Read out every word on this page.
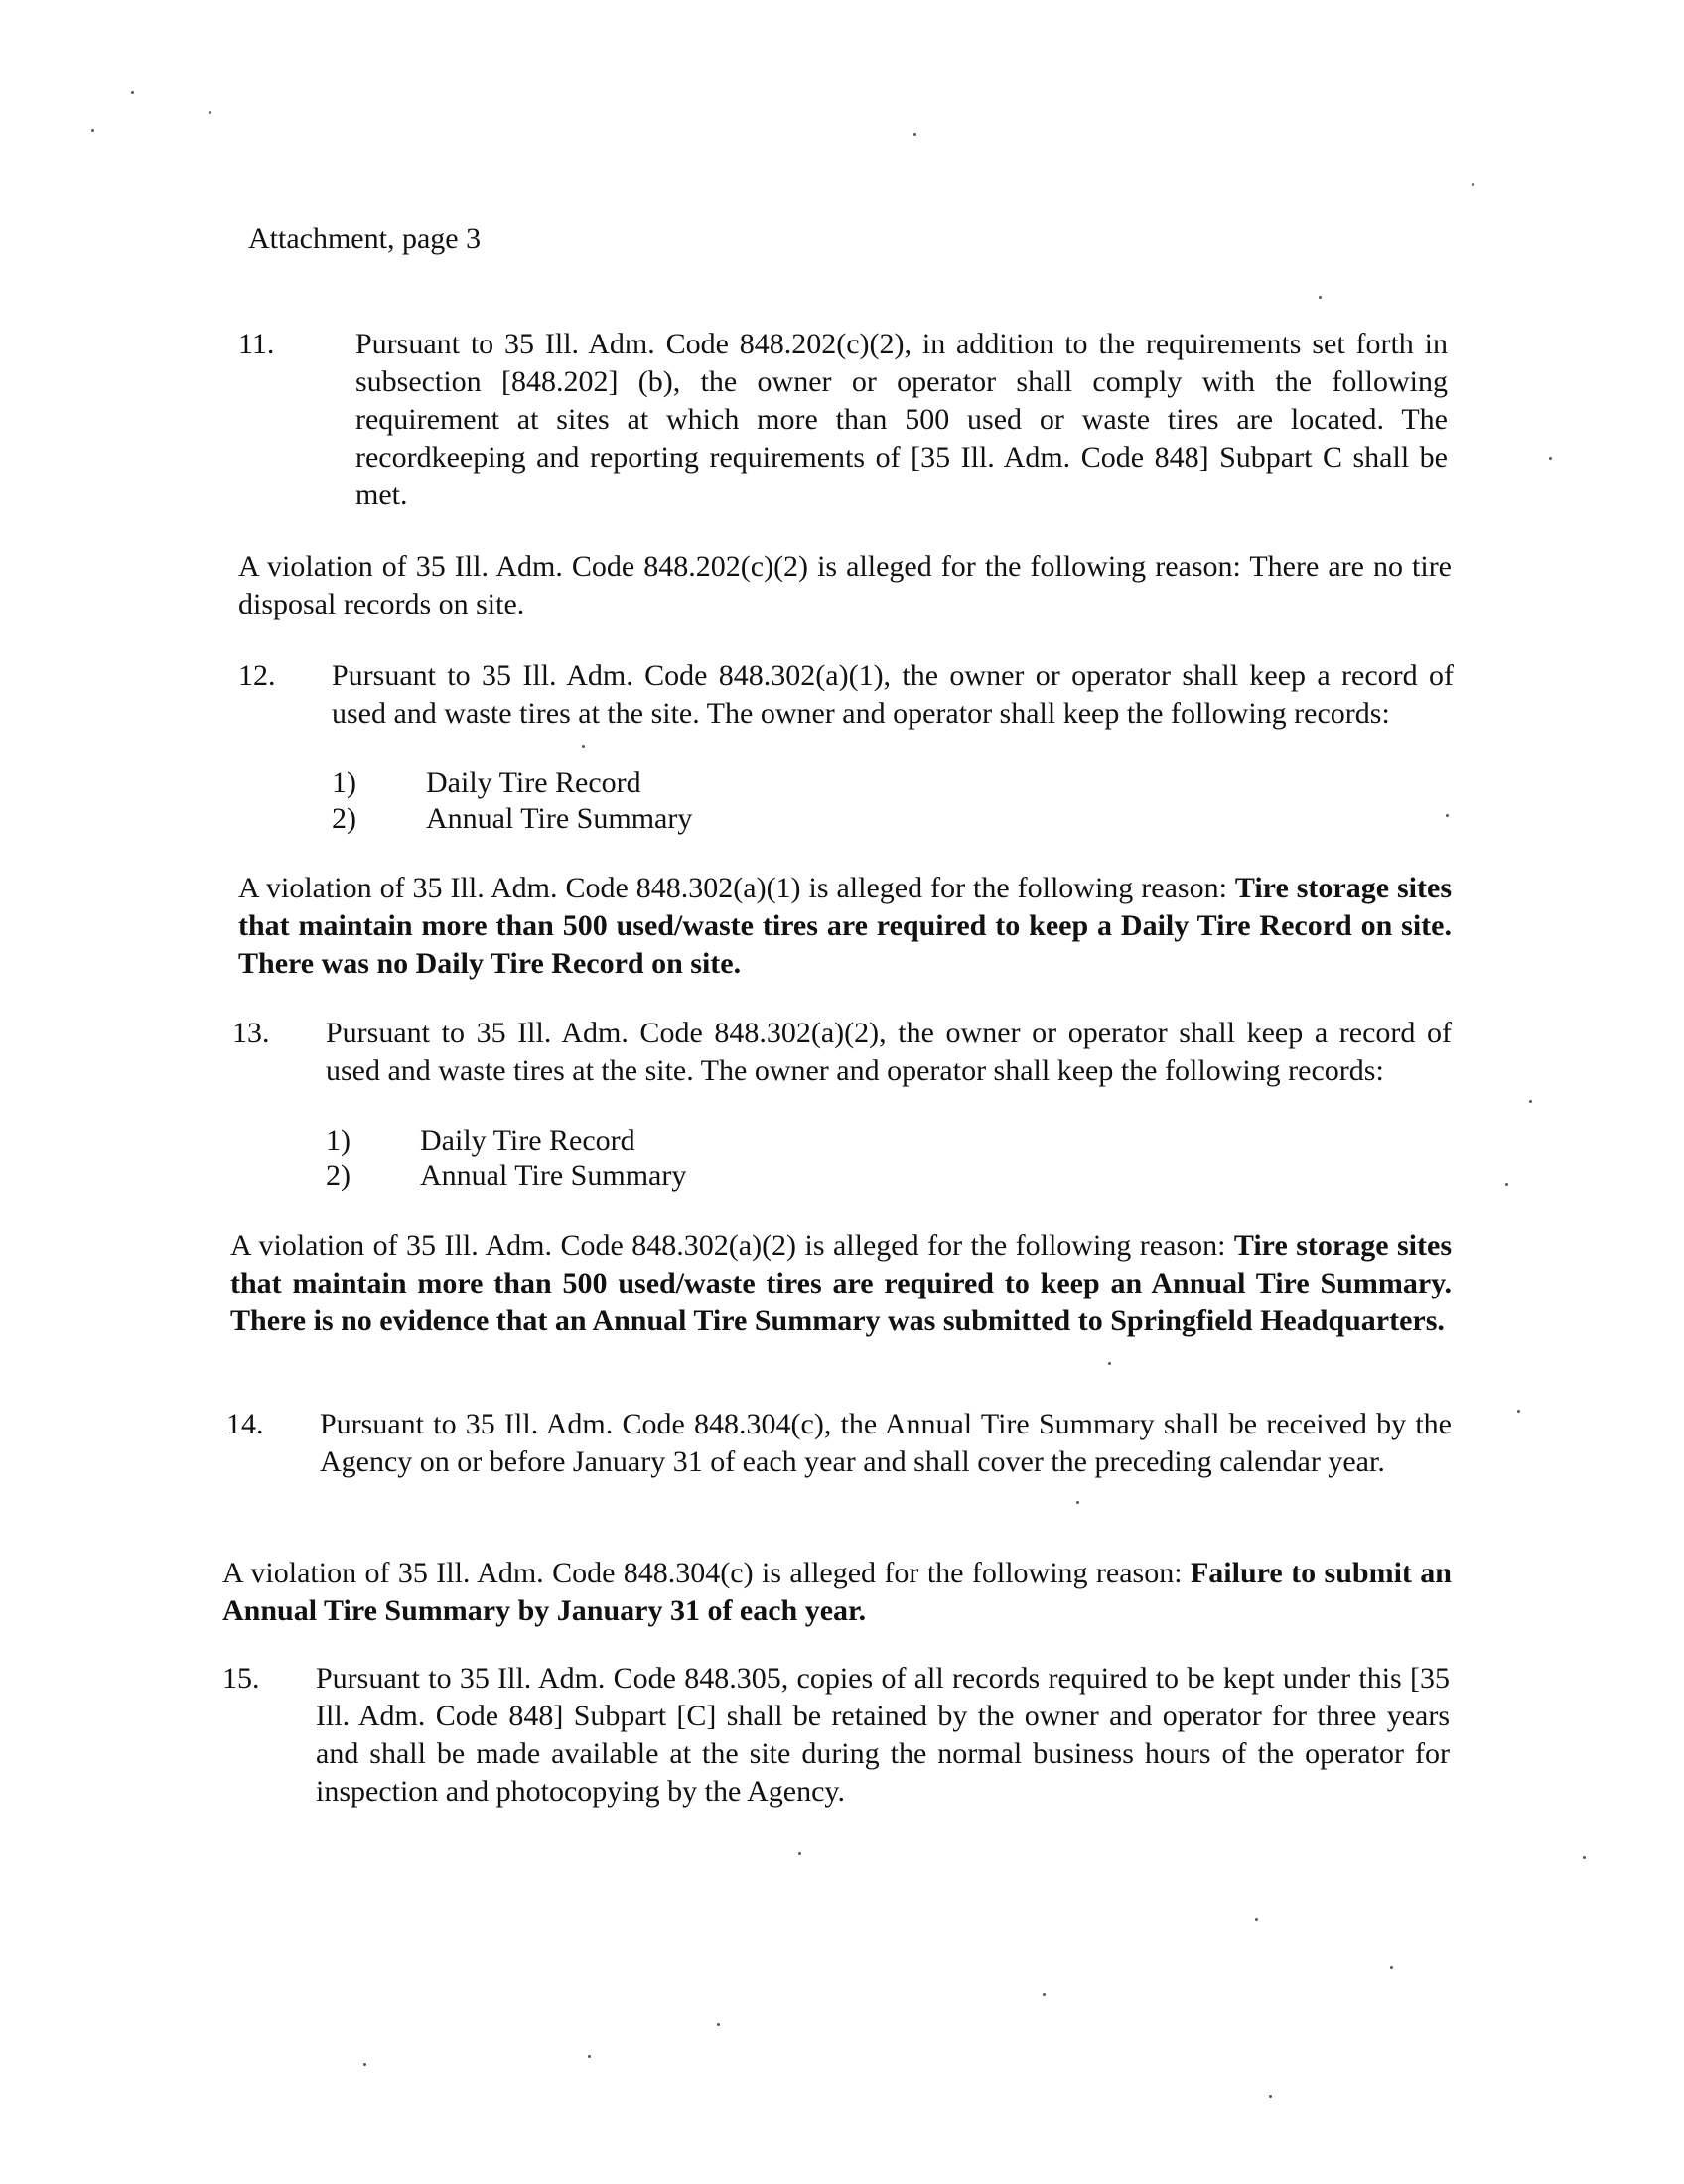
Attachment, page 3
11.	Pursuant to 35 Ill. Adm. Code 848.202(c)(2), in addition to the requirements set forth in subsection [848.202] (b), the owner or operator shall comply with the following requirement at sites at which more than 500 used or waste tires are located. The recordkeeping and reporting requirements of [35 Ill. Adm. Code 848] Subpart C shall be met.
A violation of 35 Ill. Adm. Code 848.202(c)(2) is alleged for the following reason: There are no tire disposal records on site.
12. Pursuant to 35 Ill. Adm. Code 848.302(a)(1), the owner or operator shall keep a record of used and waste tires at the site. The owner and operator shall keep the following records:
1) Daily Tire Record
2) Annual Tire Summary
A violation of 35 Ill. Adm. Code 848.302(a)(1) is alleged for the following reason: Tire storage sites that maintain more than 500 used/waste tires are required to keep a Daily Tire Record on site. There was no Daily Tire Record on site.
13. Pursuant to 35 Ill. Adm. Code 848.302(a)(2), the owner or operator shall keep a record of used and waste tires at the site. The owner and operator shall keep the following records:
1) Daily Tire Record
2) Annual Tire Summary
A violation of 35 Ill. Adm. Code 848.302(a)(2) is alleged for the following reason: Tire storage sites that maintain more than 500 used/waste tires are required to keep an Annual Tire Summary. There is no evidence that an Annual Tire Summary was submitted to Springfield Headquarters.
14. Pursuant to 35 Ill. Adm. Code 848.304(c), the Annual Tire Summary shall be received by the Agency on or before January 31 of each year and shall cover the preceding calendar year.
A violation of 35 Ill. Adm. Code 848.304(c) is alleged for the following reason: Failure to submit an Annual Tire Summary by January 31 of each year.
15. Pursuant to 35 Ill. Adm. Code 848.305, copies of all records required to be kept under this [35 Ill. Adm. Code 848] Subpart [C] shall be retained by the owner and operator for three years and shall be made available at the site during the normal business hours of the operator for inspection and photocopying by the Agency.
